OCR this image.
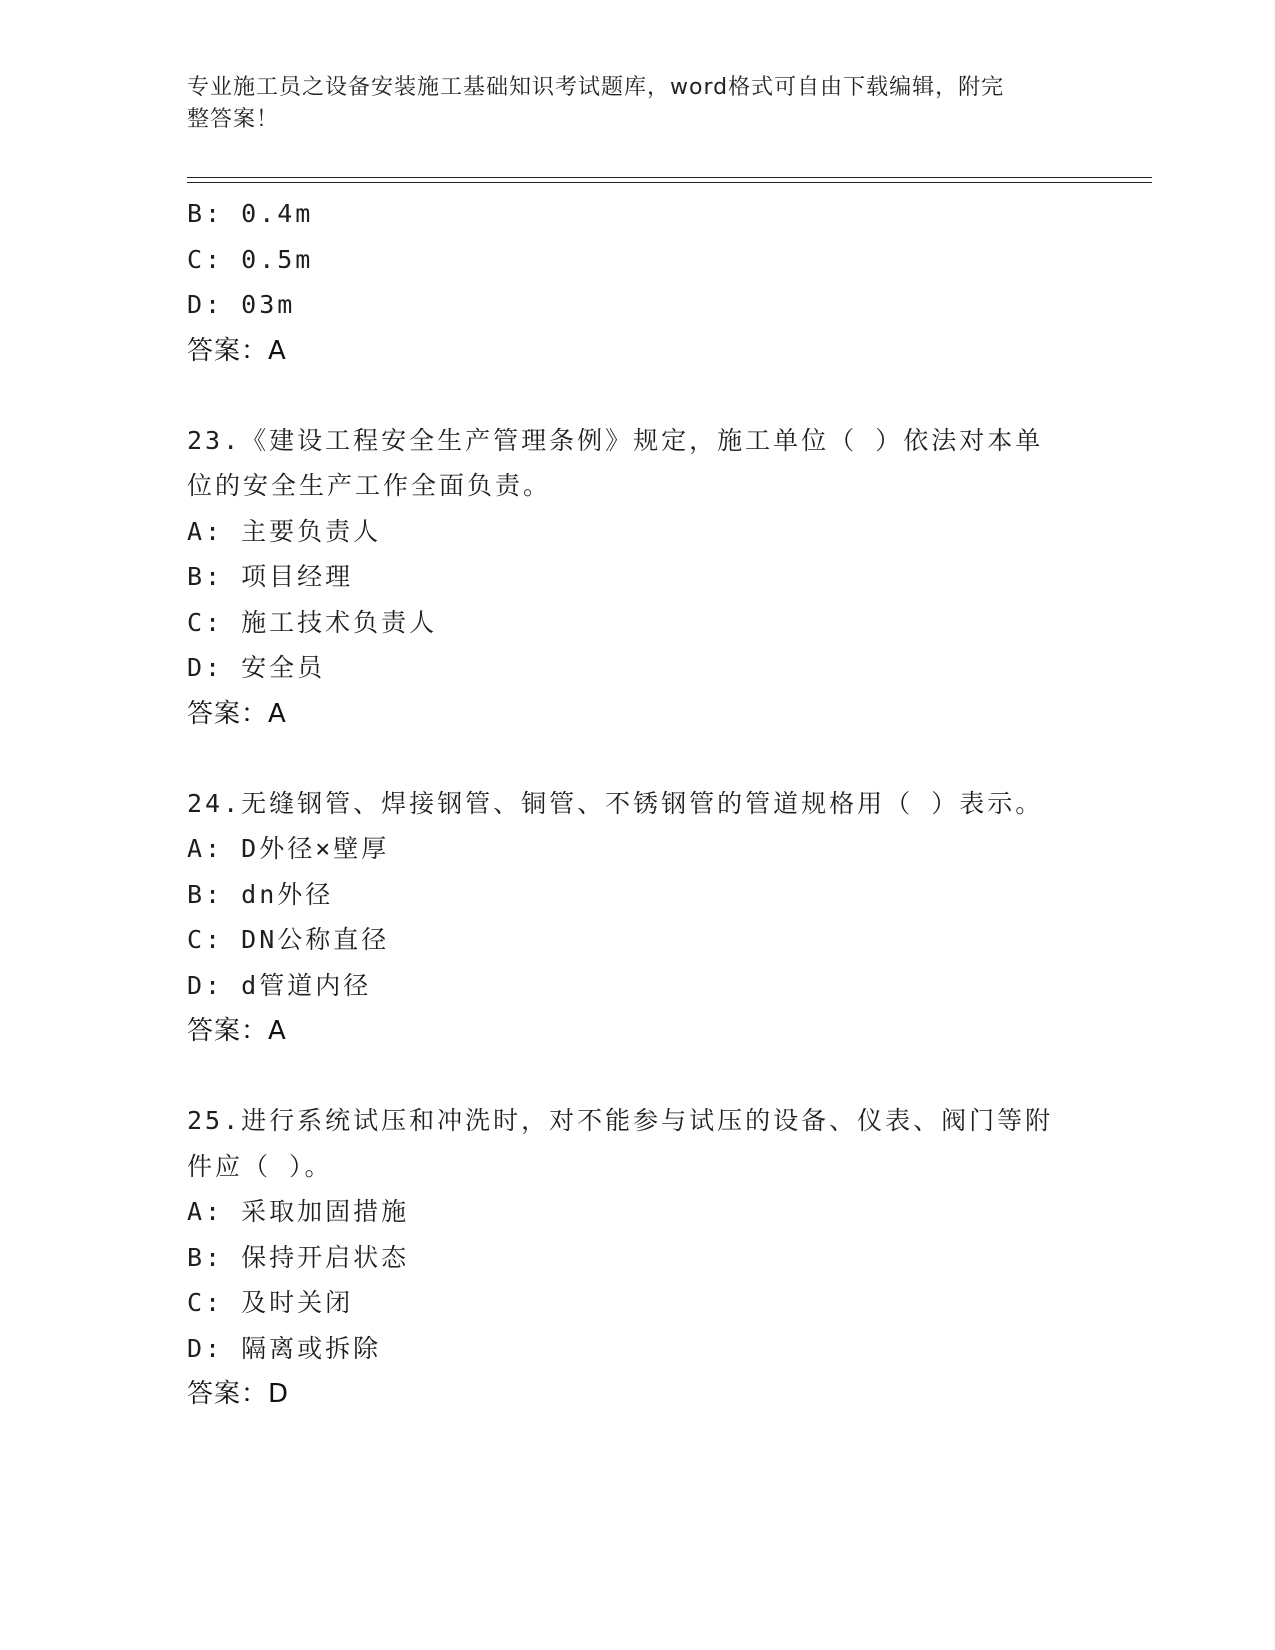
专业施工员之设备安装施工基础知识考试题库，word格式可自由下载编辑，附完
整答案！
B: 0.4m
C: 0.5m
D: 03m
答案：A
23.《建设工程安全生产管理条例》规定，施工单位（ ）依法对本单
位的安全生产工作全面负责。
A: 主要负责人
B: 项目经理
C: 施工技术负责人
D: 安全员
答案：A
24.无缝钢管、焊接钢管、铜管、不锈钢管的管道规格用（ ）表示。
A: D外径×壁厚
B: dn外径
C: DN公称直径
D: d管道内径
答案：A
25.进行系统试压和冲洗时，对不能参与试压的设备、仪表、阀门等附
件应（ ）。
A: 采取加固措施
B: 保持开启状态
C: 及时关闭
D: 隔离或拆除
答案：D
